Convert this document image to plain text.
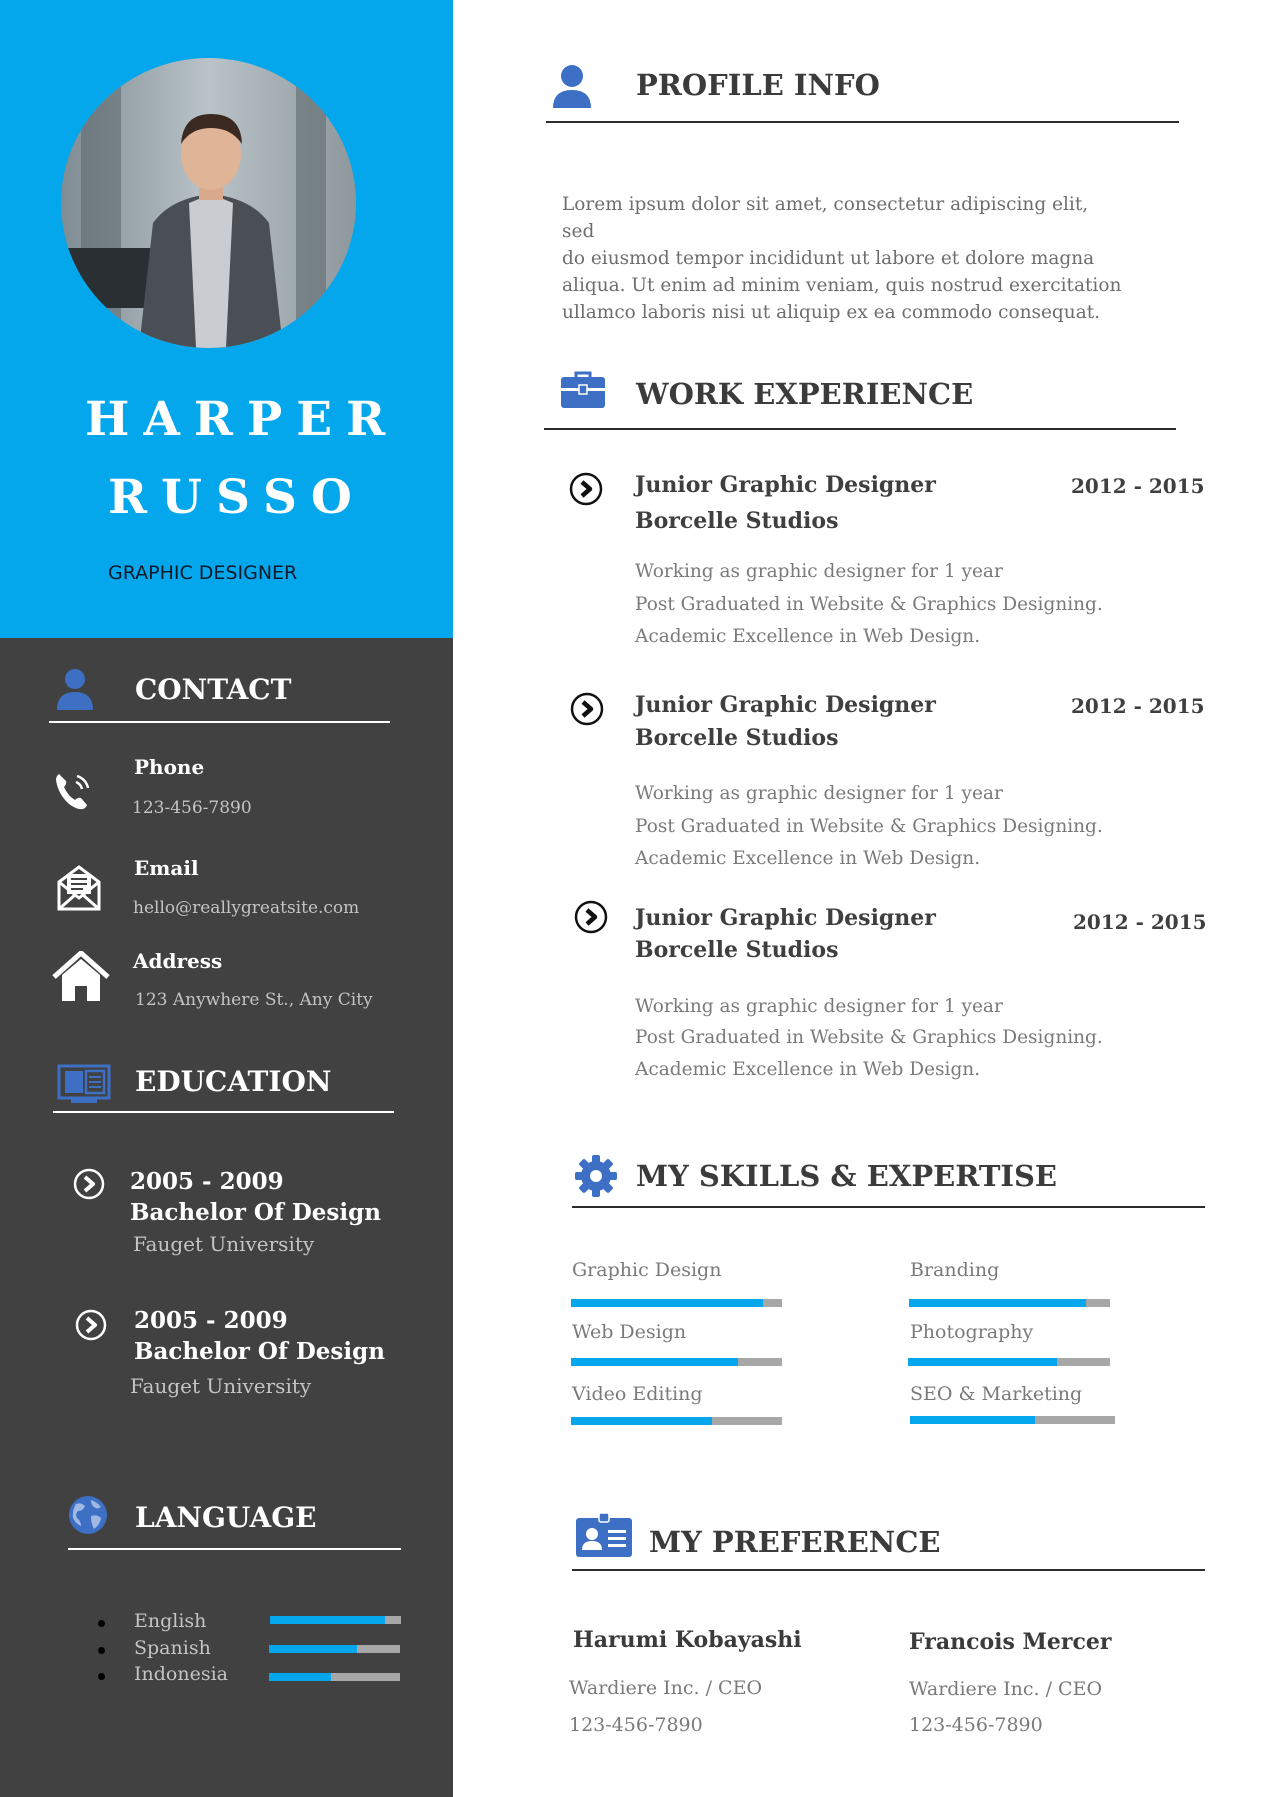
HARPER
RUSSO
GRAPHIC DESIGNER
CONTACT
Phone
123-456-7890
Email
hello@reallygreatsite.com
Address
123 Anywhere St., Any City
EDUCATION
2005 - 2009
Bachelor Of Design
Fauget University
2005 - 2009
Bachelor Of Design
Fauget University
LANGUAGE
English
Spanish
Indonesia
PROFILE INFO
Lorem ipsum dolor sit amet, consectetur adipiscing elit, sed
do eiusmod tempor incididunt ut labore et dolore magna
aliqua. Ut enim ad minim veniam, quis nostrud exercitation
ullamco laboris nisi ut aliquip ex ea commodo consequat.
WORK EXPERIENCE
Junior Graphic Designer
Borcelle Studios
2012 - 2015
Working as graphic designer for 1 year
Post Graduated in Website & Graphics Designing.
Academic Excellence in Web Design.
Junior Graphic Designer
Borcelle Studios
2012 - 2015
Working as graphic designer for 1 year
Post Graduated in Website & Graphics Designing.
Academic Excellence in Web Design.
Junior Graphic Designer
Borcelle Studios
2012 - 2015
Working as graphic designer for 1 year
Post Graduated in Website & Graphics Designing.
Academic Excellence in Web Design.
MY SKILLS & EXPERTISE
Graphic Design	Branding
Web Design	Photography
Video Editing	SEO & Marketing
MY PREFERENCE
Harumi Kobayashi
Wardiere Inc. / CEO
123-456-7890
Francois Mercer
Wardiere Inc. / CEO
123-456-7890
